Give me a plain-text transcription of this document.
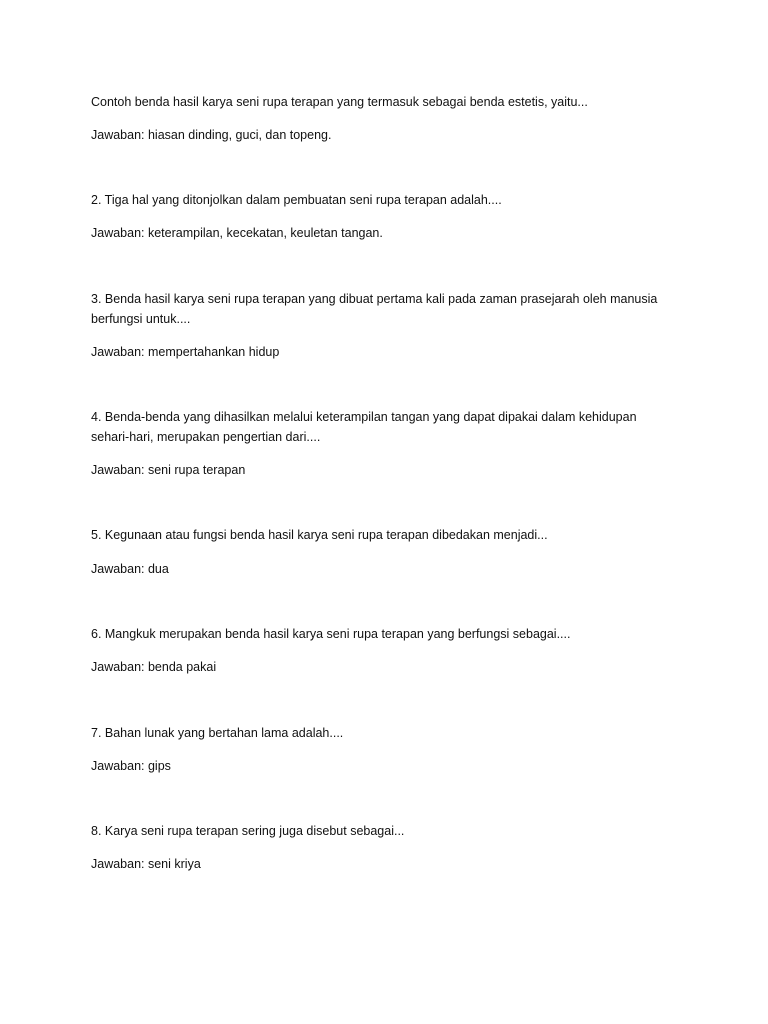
Contoh benda hasil karya seni rupa terapan yang termasuk sebagai benda estetis, yaitu...
Jawaban: hiasan dinding, guci, dan topeng.
2. Tiga hal yang ditonjolkan dalam pembuatan seni rupa terapan adalah....
Jawaban: keterampilan, kecekatan, keuletan tangan.
3. Benda hasil karya seni rupa terapan yang dibuat pertama kali pada zaman prasejarah oleh manusia
berfungsi untuk....
Jawaban: mempertahankan hidup
4. Benda-benda yang dihasilkan melalui keterampilan tangan yang dapat dipakai dalam kehidupan
sehari-hari, merupakan pengertian dari....
Jawaban: seni rupa terapan
5. Kegunaan atau fungsi benda hasil karya seni rupa terapan dibedakan menjadi...
Jawaban: dua
6. Mangkuk merupakan benda hasil karya seni rupa terapan yang berfungsi sebagai....
Jawaban: benda pakai
7. Bahan lunak yang bertahan lama adalah....
Jawaban: gips
8. Karya seni rupa terapan sering juga disebut sebagai...
Jawaban: seni kriya
